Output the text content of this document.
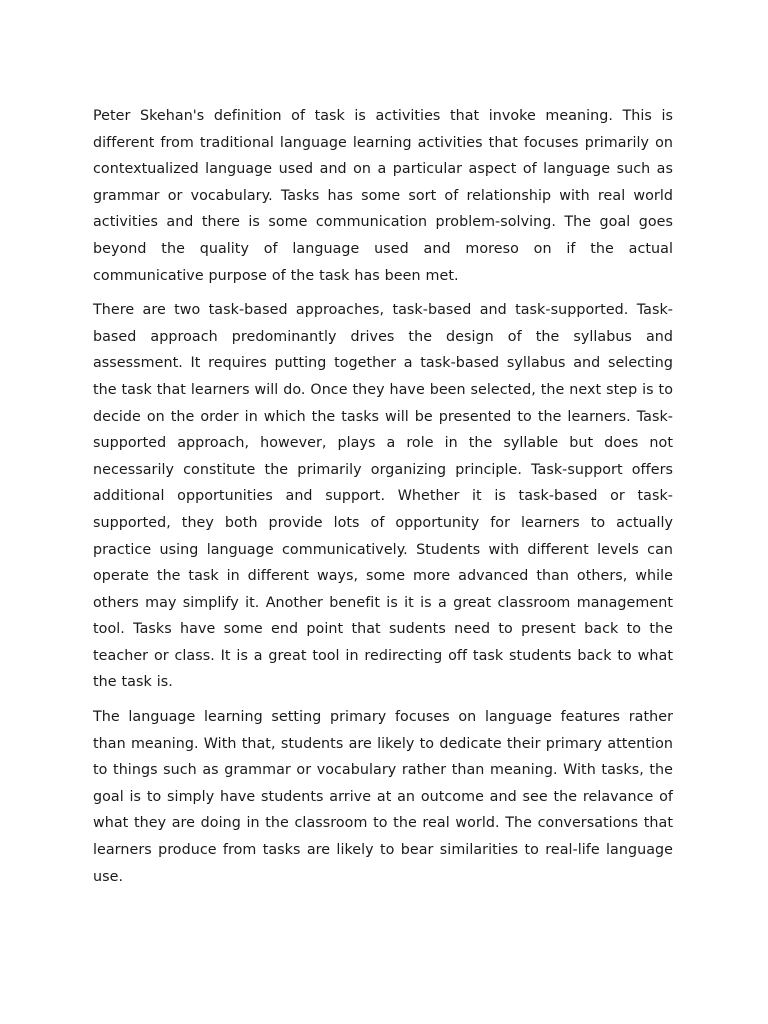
Peter Skehan's definition of task is activities that invoke meaning. This is different from traditional language learning activities that focuses primarily on contextualized language used and on a particular aspect of language such as grammar or vocabulary. Tasks has some sort of relationship with real world activities and there is some communication problem-solving. The goal goes beyond the quality of language used and moreso on if the actual communicative purpose of the task has been met.

There are two task-based approaches, task-based and task-supported. Task-based approach predominantly drives the design of the syllabus and assessment. It requires putting together a task-based syllabus and selecting the task that learners will do. Once they have been selected, the next step is to decide on the order in which the tasks will be presented to the learners. Task-supported approach, however, plays a role in the syllable but does not necessarily constitute the primarily organizing principle. Task-support offers additional opportunities and support. Whether it is task-based or task-supported, they both provide lots of opportunity for learners to actually practice using language communicatively. Students with different levels can operate the task in different ways, some more advanced than others, while others may simplify it. Another benefit is it is a great classroom management tool. Tasks have some end point that sudents need to present back to the teacher or class. It is a great tool in redirecting off task students back to what the task is.

The language learning setting primary focuses on language features rather than meaning. With that, students are likely to dedicate their primary attention to things such as grammar or vocabulary rather than meaning. With tasks, the goal is to simply have students arrive at an outcome and see the relavance of what they are doing in the classroom to the real world. The conversations that learners produce from tasks are likely to bear similarities to real-life language use.
